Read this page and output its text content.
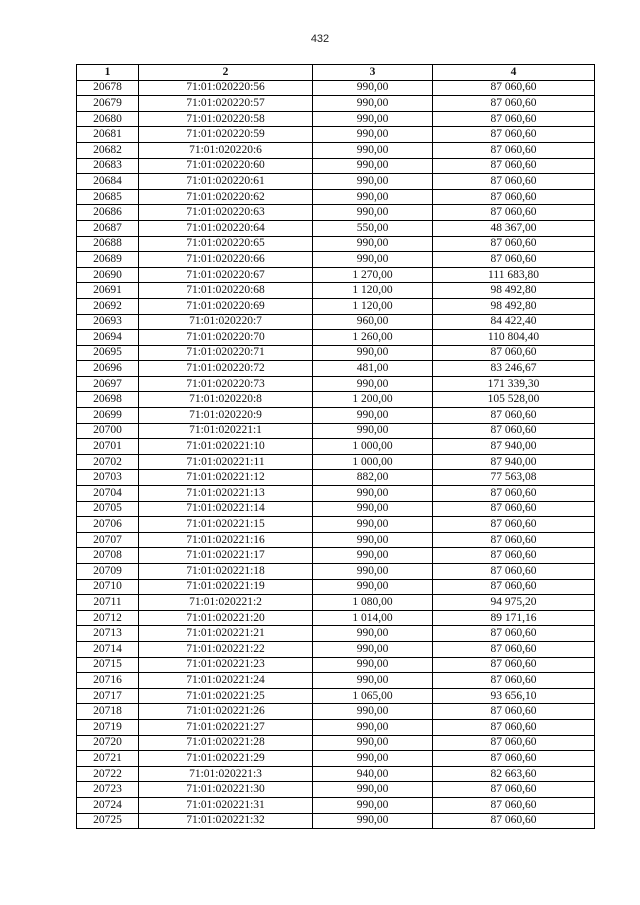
432
1	2	3	4
20678	71:01:020220:56	990,00	87 060,60
20679	71:01:020220:57	990,00	87 060,60
20680	71:01:020220:58	990,00	87 060,60
20681	71:01:020220:59	990,00	87 060,60
20682	71:01:020220:6	990,00	87 060,60
20683	71:01:020220:60	990,00	87 060,60
20684	71:01:020220:61	990,00	87 060,60
20685	71:01:020220:62	990,00	87 060,60
20686	71:01:020220:63	990,00	87 060,60
20687	71:01:020220:64	550,00	48 367,00
20688	71:01:020220:65	990,00	87 060,60
20689	71:01:020220:66	990,00	87 060,60
20690	71:01:020220:67	1 270,00	111 683,80
20691	71:01:020220:68	1 120,00	98 492,80
20692	71:01:020220:69	1 120,00	98 492,80
20693	71:01:020220:7	960,00	84 422,40
20694	71:01:020220:70	1 260,00	110 804,40
20695	71:01:020220:71	990,00	87 060,60
20696	71:01:020220:72	481,00	83 246,67
20697	71:01:020220:73	990,00	171 339,30
20698	71:01:020220:8	1 200,00	105 528,00
20699	71:01:020220:9	990,00	87 060,60
20700	71:01:020221:1	990,00	87 060,60
20701	71:01:020221:10	1 000,00	87 940,00
20702	71:01:020221:11	1 000,00	87 940,00
20703	71:01:020221:12	882,00	77 563,08
20704	71:01:020221:13	990,00	87 060,60
20705	71:01:020221:14	990,00	87 060,60
20706	71:01:020221:15	990,00	87 060,60
20707	71:01:020221:16	990,00	87 060,60
20708	71:01:020221:17	990,00	87 060,60
20709	71:01:020221:18	990,00	87 060,60
20710	71:01:020221:19	990,00	87 060,60
20711	71:01:020221:2	1 080,00	94 975,20
20712	71:01:020221:20	1 014,00	89 171,16
20713	71:01:020221:21	990,00	87 060,60
20714	71:01:020221:22	990,00	87 060,60
20715	71:01:020221:23	990,00	87 060,60
20716	71:01:020221:24	990,00	87 060,60
20717	71:01:020221:25	1 065,00	93 656,10
20718	71:01:020221:26	990,00	87 060,60
20719	71:01:020221:27	990,00	87 060,60
20720	71:01:020221:28	990,00	87 060,60
20721	71:01:020221:29	990,00	87 060,60
20722	71:01:020221:3	940,00	82 663,60
20723	71:01:020221:30	990,00	87 060,60
20724	71:01:020221:31	990,00	87 060,60
20725	71:01:020221:32	990,00	87 060,60
